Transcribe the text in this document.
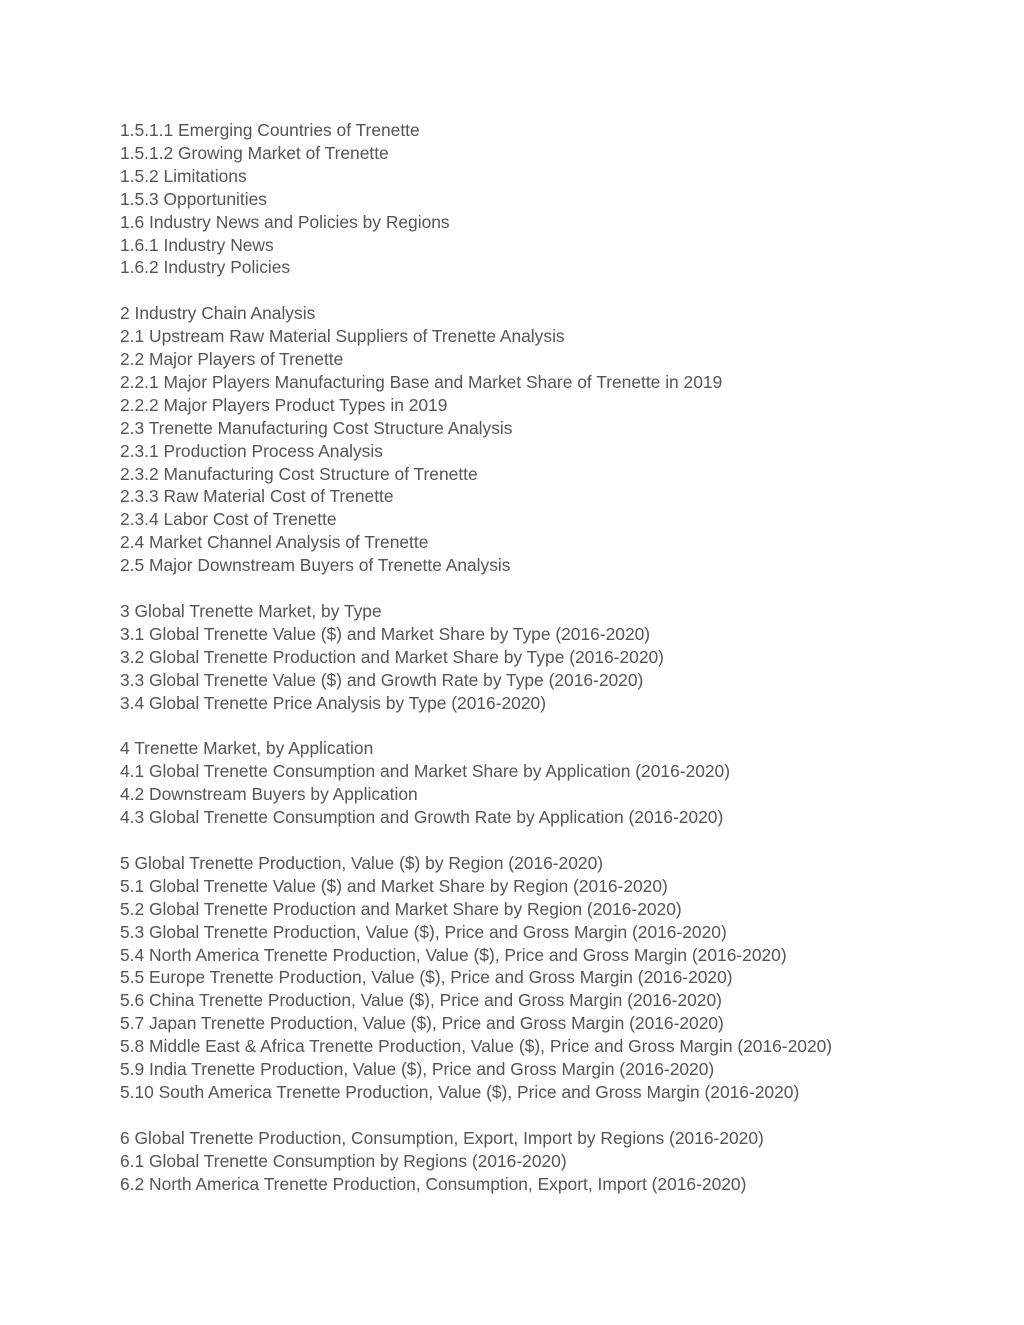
1.5.1.1 Emerging Countries of Trenette
1.5.1.2 Growing Market of Trenette
1.5.2 Limitations
1.5.3 Opportunities
1.6 Industry News and Policies by Regions
1.6.1 Industry News
1.6.2 Industry Policies
2 Industry Chain Analysis
2.1 Upstream Raw Material Suppliers of Trenette Analysis
2.2 Major Players of Trenette
2.2.1 Major Players Manufacturing Base and Market Share of Trenette in 2019
2.2.2 Major Players Product Types in 2019
2.3 Trenette Manufacturing Cost Structure Analysis
2.3.1 Production Process Analysis
2.3.2 Manufacturing Cost Structure of Trenette
2.3.3 Raw Material Cost of Trenette
2.3.4 Labor Cost of Trenette
2.4 Market Channel Analysis of Trenette
2.5 Major Downstream Buyers of Trenette Analysis
3 Global Trenette Market, by Type
3.1 Global Trenette Value ($) and Market Share by Type (2016-2020)
3.2 Global Trenette Production and Market Share by Type (2016-2020)
3.3 Global Trenette Value ($) and Growth Rate by Type (2016-2020)
3.4 Global Trenette Price Analysis by Type (2016-2020)
4 Trenette Market, by Application
4.1 Global Trenette Consumption and Market Share by Application (2016-2020)
4.2 Downstream Buyers by Application
4.3 Global Trenette Consumption and Growth Rate by Application (2016-2020)
5 Global Trenette Production, Value ($) by Region (2016-2020)
5.1 Global Trenette Value ($) and Market Share by Region (2016-2020)
5.2 Global Trenette Production and Market Share by Region (2016-2020)
5.3 Global Trenette Production, Value ($), Price and Gross Margin (2016-2020)
5.4 North America Trenette Production, Value ($), Price and Gross Margin (2016-2020)
5.5 Europe Trenette Production, Value ($), Price and Gross Margin (2016-2020)
5.6 China Trenette Production, Value ($), Price and Gross Margin (2016-2020)
5.7 Japan Trenette Production, Value ($), Price and Gross Margin (2016-2020)
5.8 Middle East & Africa Trenette Production, Value ($), Price and Gross Margin (2016-2020)
5.9 India Trenette Production, Value ($), Price and Gross Margin (2016-2020)
5.10 South America Trenette Production, Value ($), Price and Gross Margin (2016-2020)
6 Global Trenette Production, Consumption, Export, Import by Regions (2016-2020)
6.1 Global Trenette Consumption by Regions (2016-2020)
6.2 North America Trenette Production, Consumption, Export, Import (2016-2020)
